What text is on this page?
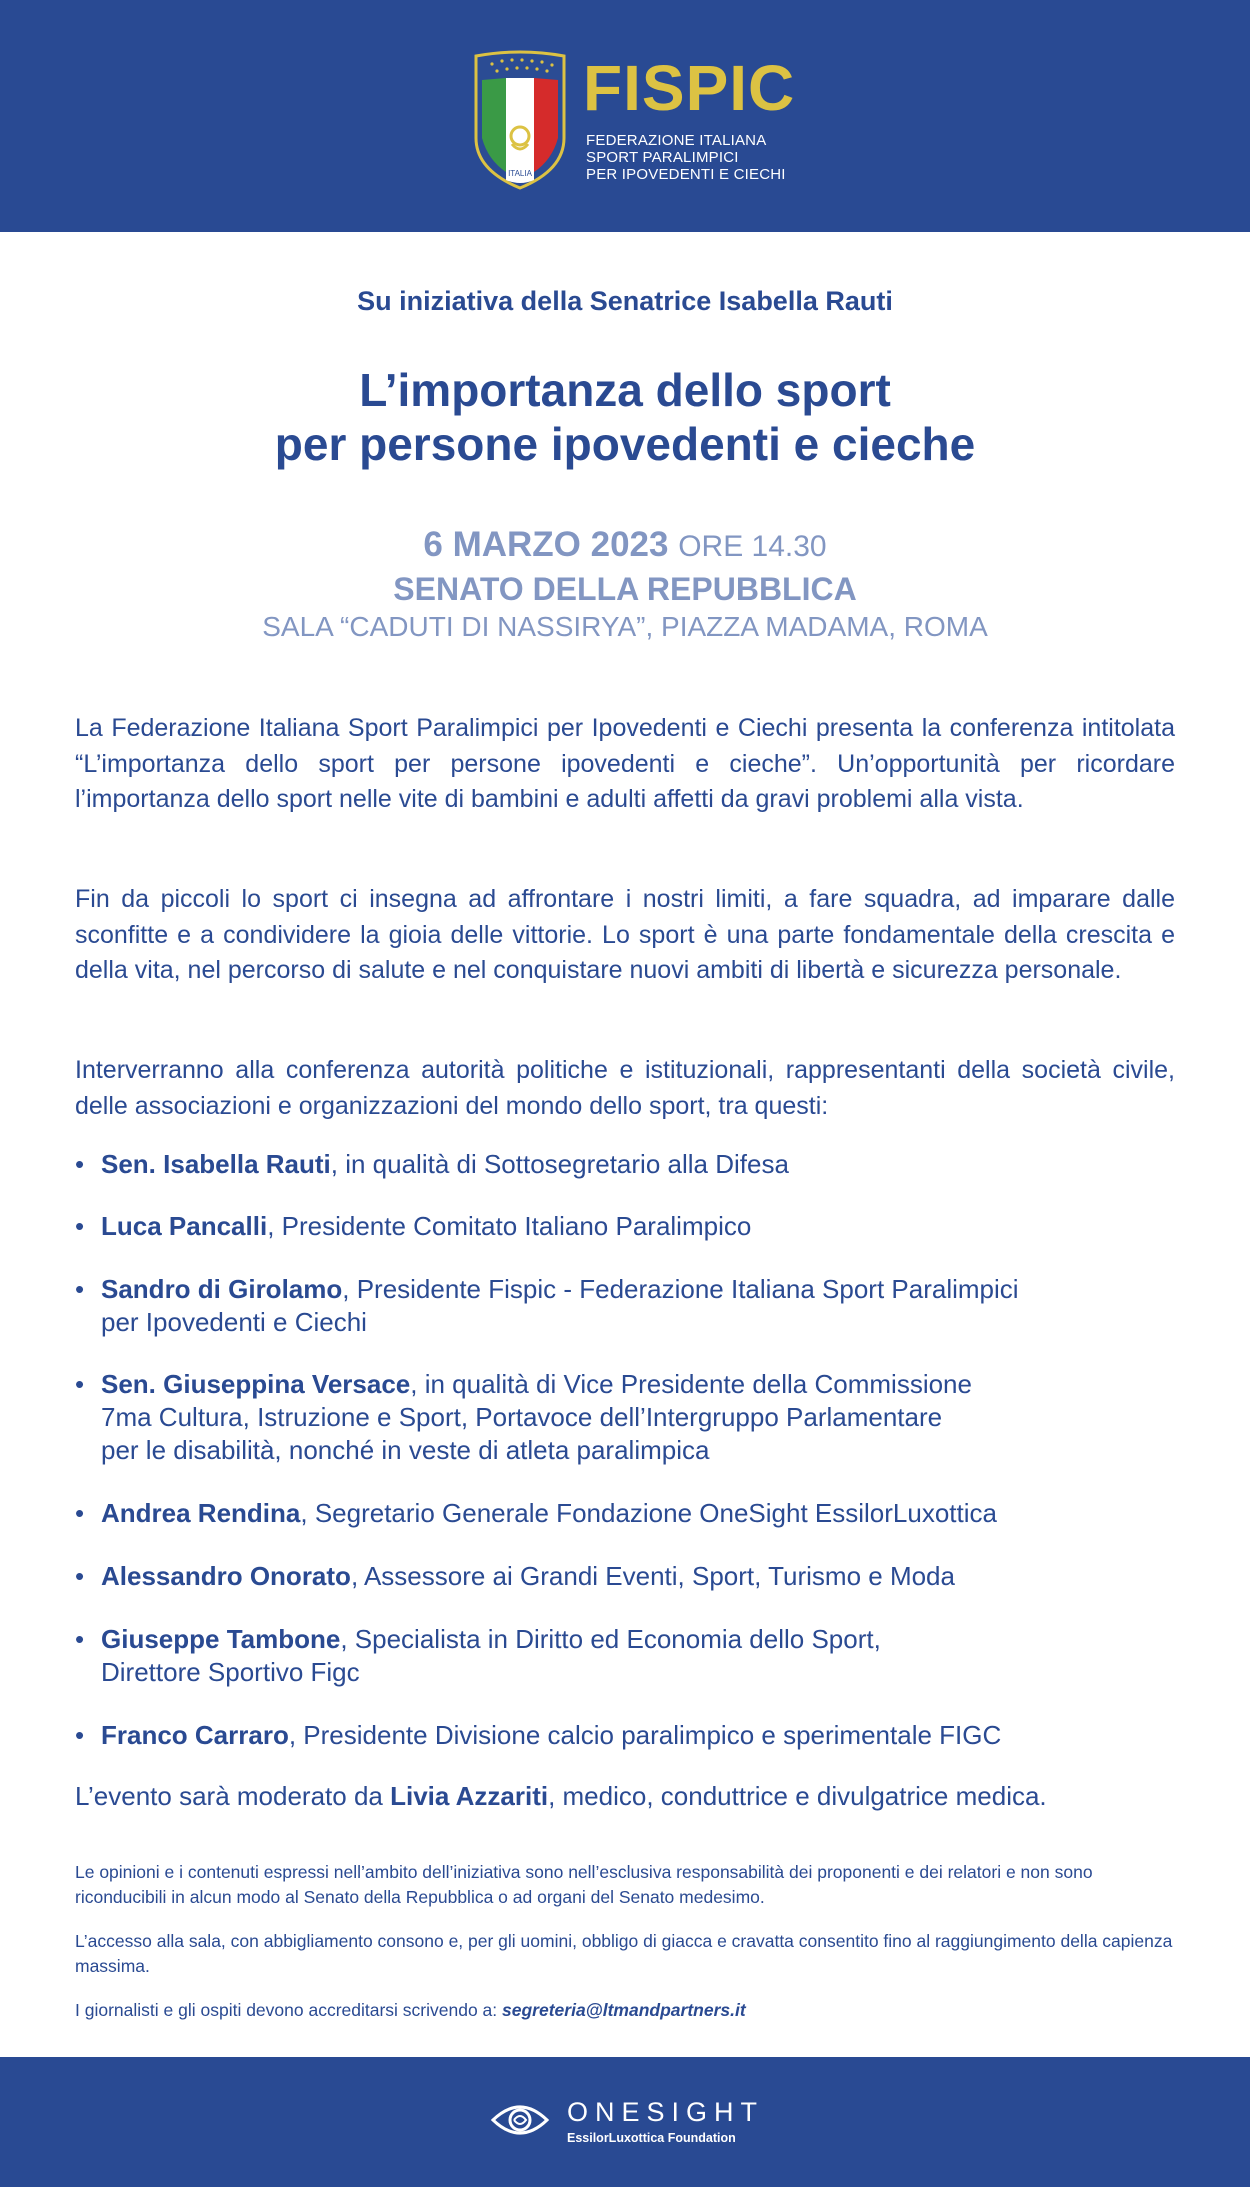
ITALIA
FISPIC
FEDERAZIONE ITALIANA
SPORT PARALIMPICI
PER IPOVEDENTI E CIECHI
Su iniziativa della Senatrice Isabella Rauti
L’importanza dello sport
per persone ipovedenti e cieche
6 MARZO 2023 ORE 14.30
SENATO DELLA REPUBBLICA
SALA “CADUTI DI NASSIRYA”, PIAZZA MADAMA, ROMA
La Federazione Italiana Sport Paralimpici per Ipovedenti e Ciechi presenta la conferenza intitolata “L’importanza dello sport per persone ipovedenti e cieche”. Un’opportunità per ricordare l’importanza dello sport nelle vite di bambini e adulti affetti da gravi problemi alla vista.
Fin da piccoli lo sport ci insegna ad affrontare i nostri limiti, a fare squadra, ad imparare dalle sconfitte e a condividere la gioia delle vittorie. Lo sport è una parte fondamentale della crescita e della vita, nel percorso di salute e nel conquistare nuovi ambiti di libertà e sicurezza personale.
Interverranno alla conferenza autorità politiche e istituzionali, rappresentanti della società civile, delle associazioni e organizzazioni del mondo dello sport, tra questi:
• Sen. Isabella Rauti, in qualità di Sottosegretario alla Difesa
• Luca Pancalli, Presidente Comitato Italiano Paralimpico
• Sandro di Girolamo, Presidente Fispic - Federazione Italiana Sport Paralimpici
per Ipovedenti e Ciechi
• Sen. Giuseppina Versace, in qualità di Vice Presidente della Commissione
7ma Cultura, Istruzione e Sport, Portavoce dell’Intergruppo Parlamentare
per le disabilità, nonché in veste di atleta paralimpica
• Andrea Rendina, Segretario Generale Fondazione OneSight EssilorLuxottica
• Alessandro Onorato, Assessore ai Grandi Eventi, Sport, Turismo e Moda
• Giuseppe Tambone, Specialista in Diritto ed Economia dello Sport,
Direttore Sportivo Figc
• Franco Carraro, Presidente Divisione calcio paralimpico e sperimentale FIGC
L’evento sarà moderato da Livia Azzariti, medico, conduttrice e divulgatrice medica.
Le opinioni e i contenuti espressi nell’ambito dell’iniziativa sono nell’esclusiva responsabilità dei proponenti e dei relatori e non sono riconducibili in alcun modo al Senato della Repubblica o ad organi del Senato medesimo.
L’accesso alla sala, con abbigliamento consono e, per gli uomini, obbligo di giacca e cravatta consentito fino al raggiungimento della capienza massima.
I giornalisti e gli ospiti devono accreditarsi scrivendo a: segreteria@ltmandpartners.it
ONESIGHT
EssilorLuxottica Foundation
